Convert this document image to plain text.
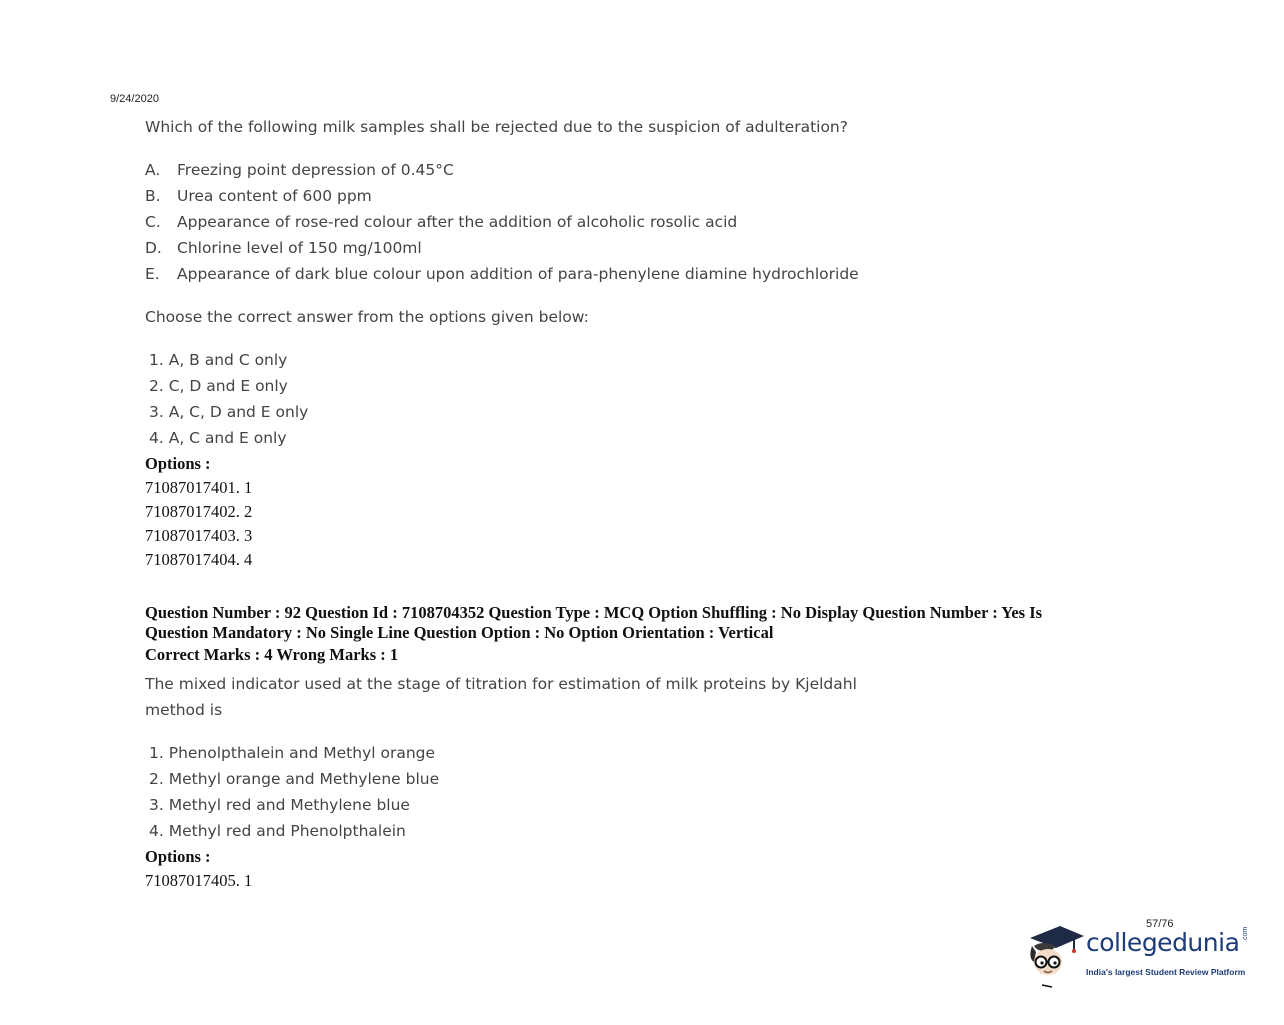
9/24/2020
Which of the following milk samples shall be rejected due to the suspicion of adulteration?
A.	Freezing point depression of 0.45°C
B.	Urea content of 600 ppm
C.	Appearance of rose-red colour after the addition of alcoholic rosolic acid
D. Chlorine level of 150 mg/100ml
E.	Appearance of dark blue colour upon addition of para-phenylene diamine hydrochloride
Choose the correct answer from the options given below:
1. A, B and C only
2. C, D and E only
3. A, C, D and E only
4. A, C and E only
Options :
71087017401. 1
71087017402. 2
71087017403. 3
71087017404. 4
Question Number : 92 Question Id : 7108704352 Question Type : MCQ Option Shuffling : No Display Question Number : Yes Is
Question Mandatory : No Single Line Question Option : No Option Orientation : Vertical
Correct Marks : 4 Wrong Marks : 1
The mixed indicator used at the stage of titration for estimation of milk proteins by Kjeldahl
method is
1. Phenolpthalein and Methyl orange
2. Methyl orange and Methylene blue
3. Methyl red and Methylene blue
4. Methyl red and Phenolpthalein
Options :
71087017405. 1
57/76
collegedunia .com
India's largest Student Review Platform
